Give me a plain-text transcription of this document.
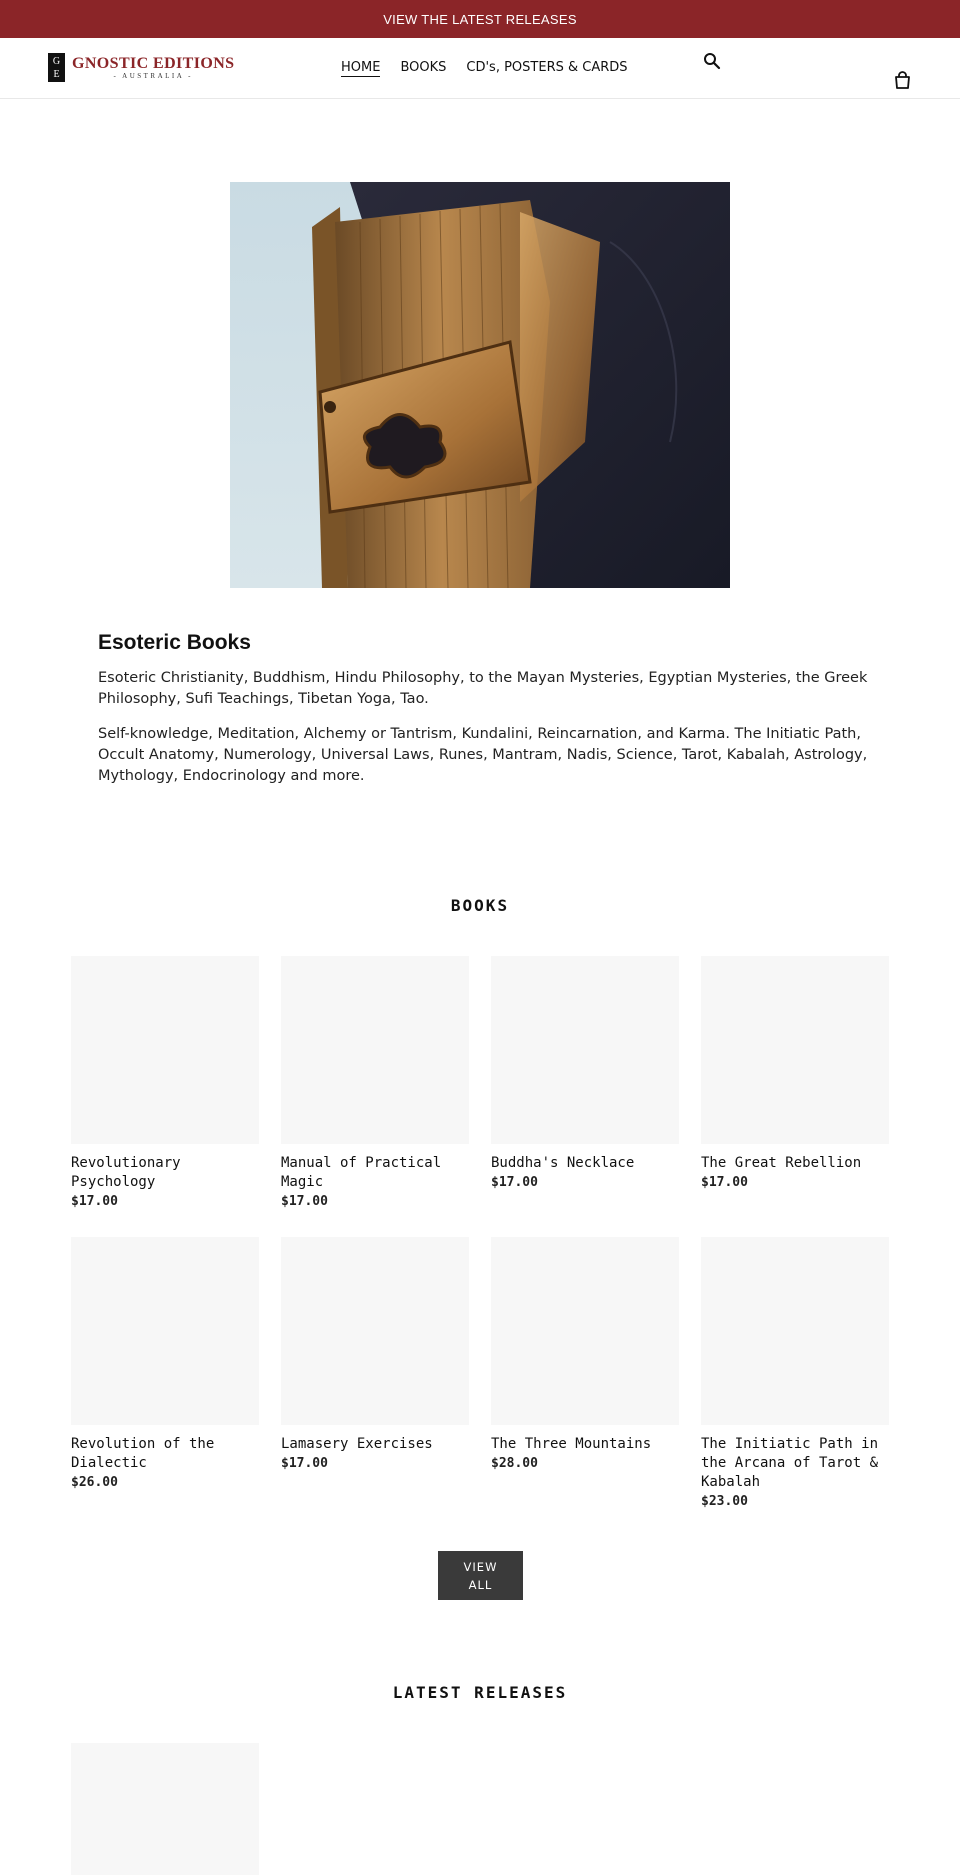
VIEW THE LATEST RELEASES
G
E
GNOSTIC EDITIONS
- AUSTRALIA -
HOME BOOKS CD's, POSTERS & CARDS
Esoteric Books

Esoteric Christianity, Buddhism, Hindu Philosophy, to the Mayan Mysteries, Egyptian Mysteries, the Greek Philosophy, Sufi Teachings, Tibetan Yoga, Tao.

Self-knowledge, Meditation, Alchemy or Tantrism, Kundalini, Reincarnation, and Karma. The Initiatic Path, Occult Anatomy, Numerology, Universal Laws, Runes, Mantram, Nadis, Science, Tarot, Kabalah, Astrology, Mythology, Endocrinology and more.

BOOKS
Revolutionary Psychology
$17.00
Manual of Practical Magic
$17.00
Buddha's Necklace
$17.00
The Great Rebellion
$17.00
Revolution of the Dialectic
$26.00
Lamasery Exercises
$17.00
The Three Mountains
$28.00
The Initiatic Path in the Arcana of Tarot & Kabalah
$23.00
VIEW ALL
LATEST RELEASES
